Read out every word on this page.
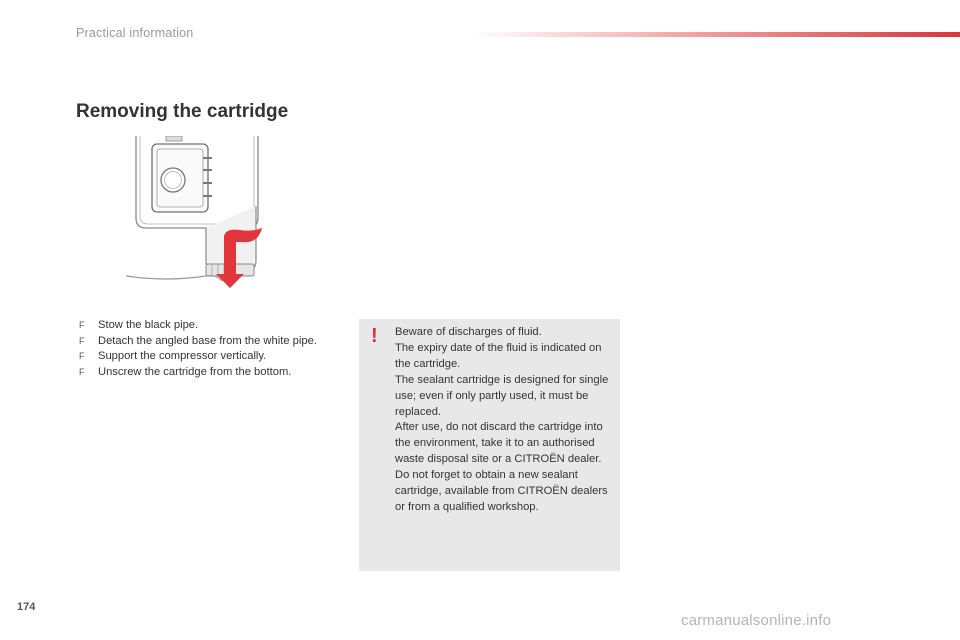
Practical information
Removing the cartridge
F Stow the black pipe.
F Detach the angled base from the white pipe.
F Support the compressor vertically.
F Unscrew the cartridge from the bottom.
! Beware of discharges of fluid.

The expiry date of the fluid is indicated on the cartridge.

The sealant cartridge is designed for single use; even if only partly used, it must be replaced.

After use, do not discard the cartridge into the environment, take it to an authorised waste disposal site or a CITROËN dealer.

Do not forget to obtain a new sealant cartridge, available from CITROËN dealers or from a qualified workshop.

174
carmanualsonline.info
